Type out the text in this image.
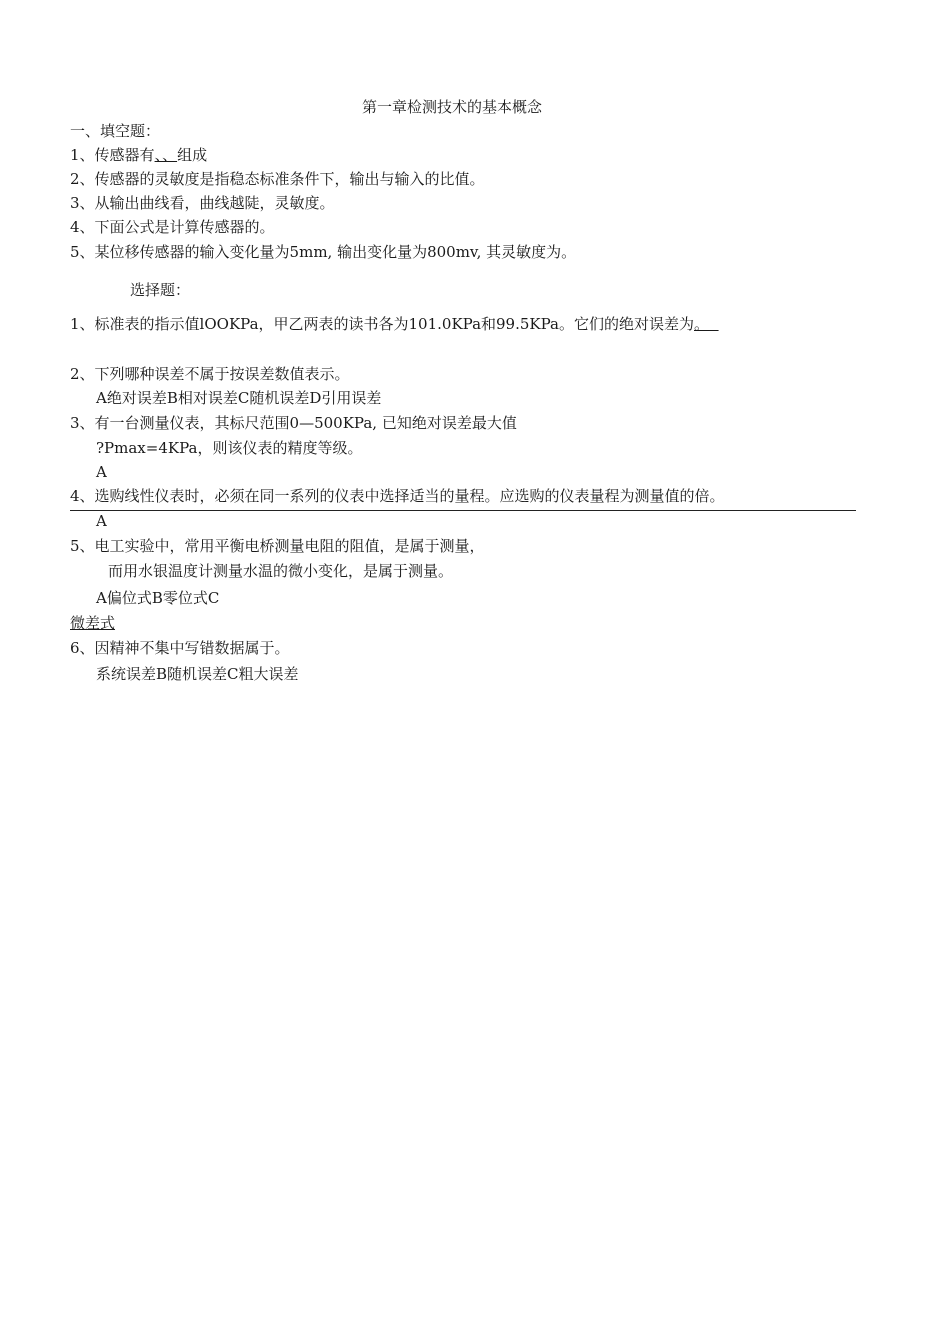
第一章检测技术的基本概念
一、填空题：
1、传感器有、、组成
2、传感器的灵敏度是指稳态标准条件下，输出与输入的比值。
3、从输出曲线看，曲线越陡，灵敏度。
4、下面公式是计算传感器的。
5、某位移传感器的输入变化量为5mm, 输出变化量为800mv, 其灵敏度为。
选择题：
1、标准表的指示值lOOKPa，甲乙两表的读书各为101.0KPa和99.5KPa。它们的绝对误差为。
2、下列哪种误差不属于按误差数值表示。
A绝对误差B相对误差C随机误差D引用误差
3、有一台测量仪表，其标尺范围0—500KPa, 已知绝对误差最大值
?Pmax=4KPa，则该仪表的精度等级。
A
4、选购线性仪表时，必须在同一系列的仪表中选择适当的量程。应选购的仪表量程为测量值的倍。
A
5、电工实验中，常用平衡电桥测量电阻的阻值，是属于测量，
而用水银温度计测量水温的微小变化，是属于测量。
A偏位式B零位式C
微差式
6、因精神不集中写错数据属于。
系统误差B随机误差C粗大误差
